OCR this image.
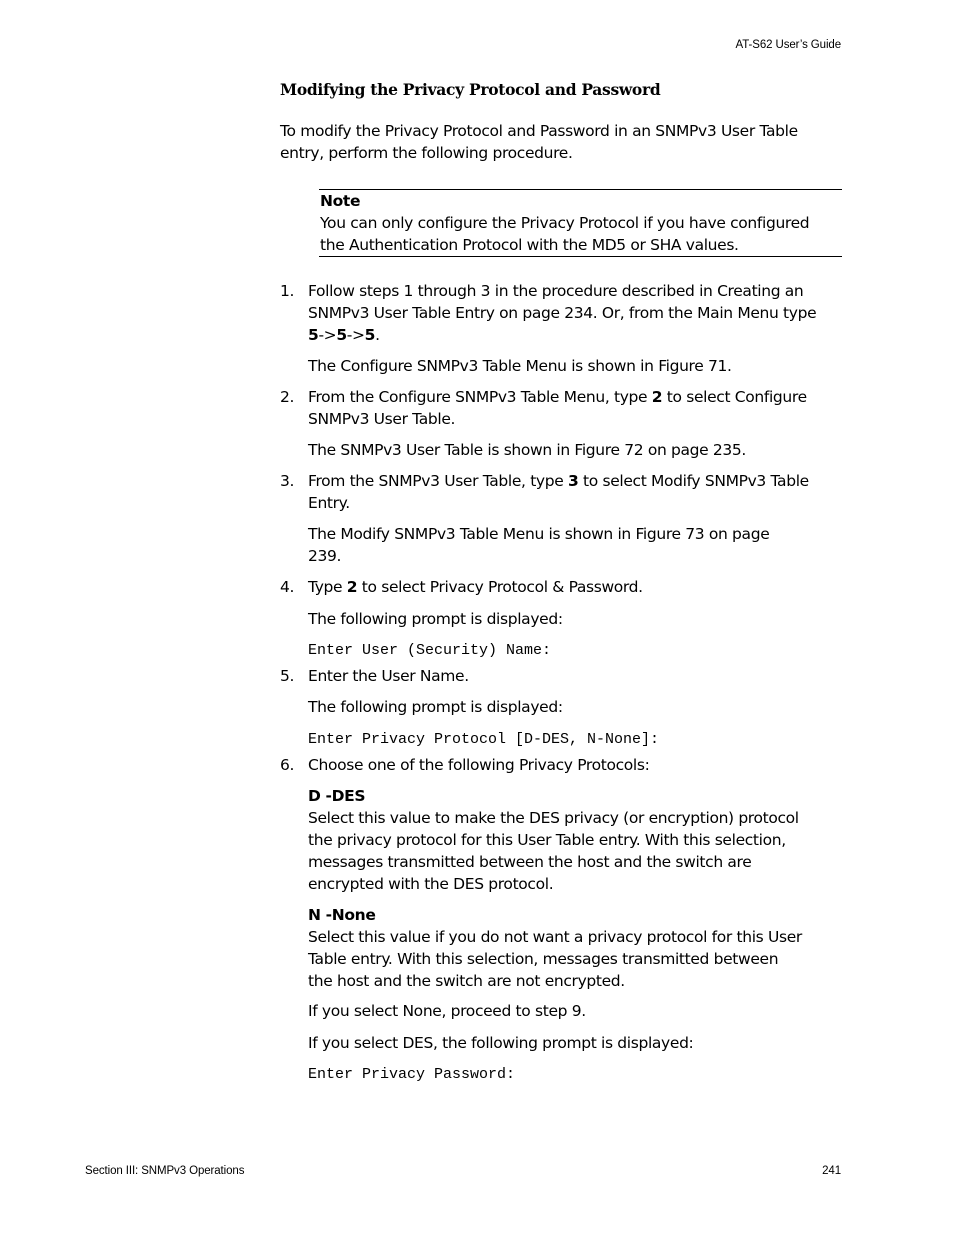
AT-S62 User’s Guide
Modifying the Privacy Protocol and Password
To modify the Privacy Protocol and Password in an SNMPv3 User Table
entry, perform the following procedure.
Note
You can only configure the Privacy Protocol if you have configured
the Authentication Protocol with the MD5 or SHA values.
1. Follow steps 1 through 3 in the procedure described in Creating an
SNMPv3 User Table Entry on page 234. Or, from the Main Menu type
5->5->5.
The Configure SNMPv3 Table Menu is shown in Figure 71.
2. From the Configure SNMPv3 Table Menu, type 2 to select Configure
SNMPv3 User Table.
The SNMPv3 User Table is shown in Figure 72 on page 235.
3. From the SNMPv3 User Table, type 3 to select Modify SNMPv3 Table
Entry.
The Modify SNMPv3 Table Menu is shown in Figure 73 on page
239.
4. Type 2 to select Privacy Protocol & Password.
The following prompt is displayed:
Enter User (Security) Name:
5. Enter the User Name.
The following prompt is displayed:
Enter Privacy Protocol [D-DES, N-None]:
6. Choose one of the following Privacy Protocols:
D -DES
Select this value to make the DES privacy (or encryption) protocol
the privacy protocol for this User Table entry. With this selection,
messages transmitted between the host and the switch are
encrypted with the DES protocol.
N -None
Select this value if you do not want a privacy protocol for this User
Table entry. With this selection, messages transmitted between
the host and the switch are not encrypted.
If you select None, proceed to step 9.
If you select DES, the following prompt is displayed:
Enter Privacy Password:
Section III: SNMPv3 Operations	241
